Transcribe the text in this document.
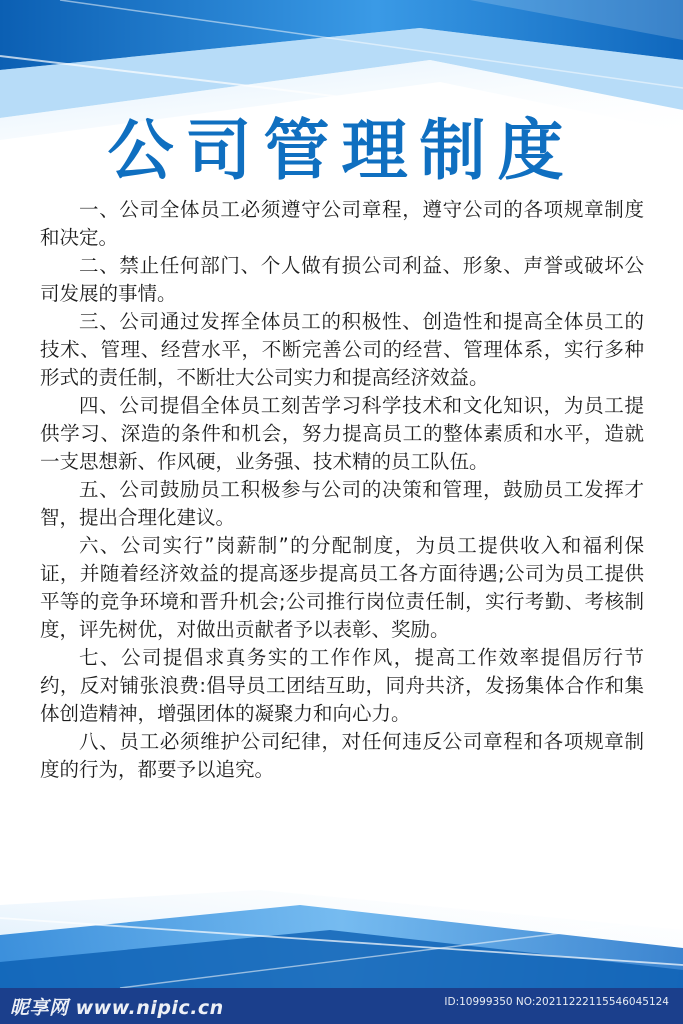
公司管理制度

一、公司全体员工必须遵守公司章程，遵守公司的各项规章制度和决定。

二、禁止任何部门、个人做有损公司利益、形象、声誉或破坏公司发展的事情。

三、公司通过发挥全体员工的积极性、创造性和提高全体员工的技术、管理、经营水平，不断完善公司的经营、管理体系，实行多种形式的责任制，不断壮大公司实力和提高经济效益。

四、公司提倡全体员工刻苦学习科学技术和文化知识，为员工提供学习、深造的条件和机会，努力提高员工的整体素质和水平，造就一支思想新、作风硬，业务强、技术精的员工队伍。

五、公司鼓励员工积极参与公司的决策和管理，鼓励员工发挥才智，提出合理化建议。

六、公司实行”岗薪制”的分配制度，为员工提供收入和福利保证，并随着经济效益的提高逐步提高员工各方面待遇;公司为员工提供平等的竞争环境和晋升机会;公司推行岗位责任制，实行考勤、考核制度，评先树优，对做出贡献者予以表彰、奖励。

七、公司提倡求真务实的工作作风，提高工作效率提倡厉行节约，反对铺张浪费:倡导员工团结互助，同舟共济，发扬集体合作和集体创造精神，增强团体的凝聚力和向心力。

八、员工必须维护公司纪律，对任何违反公司章程和各项规章制度的行为，都要予以追究。

昵享网 www.nipic.cn	ID:10999350 NO:20211222115546045124
